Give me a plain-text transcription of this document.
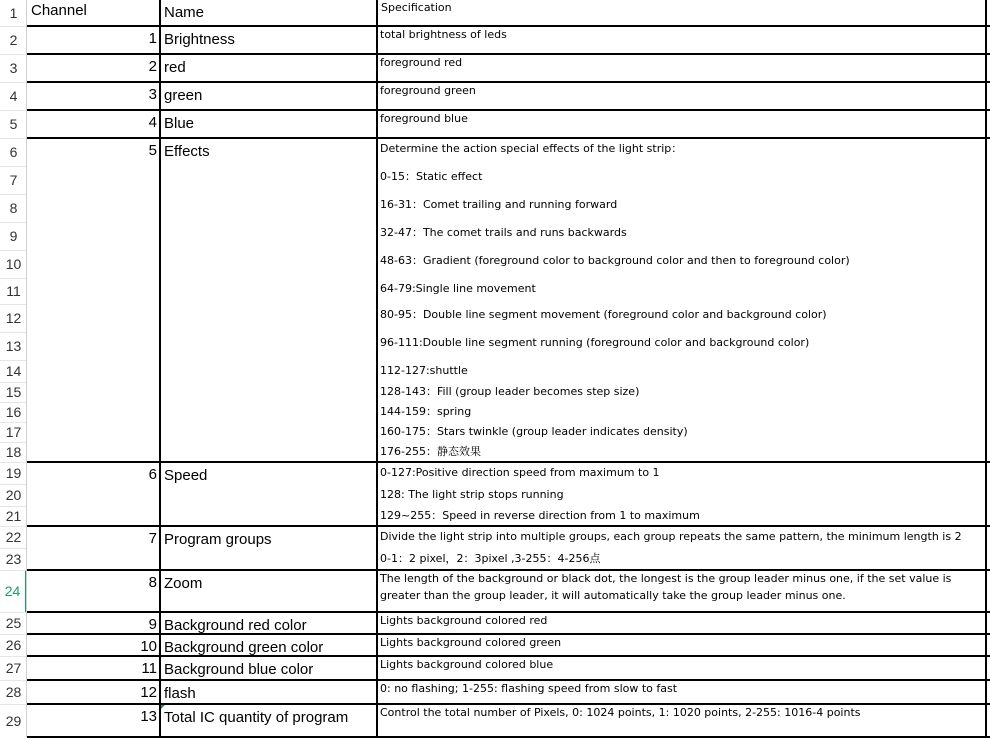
1
2
3
4
5
6
7
8
9
10
11
12
13
14
15
16
17
18
19
20
21
22
23
24
25
26
27
28
29
Channel	Name	Specification
1 Brightness	total brightness of leds
2 red	foreground red
3 green	foreground green
4 Blue	foreground blue
5 Effects	Determine the action special effects of the light strip：
0-15：Static effect
16-31：Comet trailing and running forward
32-47：The comet trails and runs backwards
48-63：Gradient (foreground color to background color and then to foreground color)
64-79:Single line movement
80-95：Double line segment movement (foreground color and background color)
96-111:Double line segment running (foreground color and background color)
112-127:shuttle
128-143：Fill (group leader becomes step size)
144-159：spring
160-175：Stars twinkle (group leader indicates density)
176-255：静态效果
6 Speed	0-127:Positive direction speed from maximum to 1
128: The light strip stops running
129~255：Speed in reverse direction from 1 to maximum
7 Program groups	Divide the light strip into multiple groups, each group repeats the same pattern, the minimum length is 2
0-1：2 pixel，2：3pixel ,3-255：4-256点
8 Zoom	The length of the background or black dot, the longest is the group leader minus one, if the set value is greater than the group leader, it will automatically take the group leader minus one.
9 Background red color	Lights background colored red
10 Background green color	Lights background colored green
11 Background blue color	Lights background colored blue
12 flash	0: no flashing; 1-255: flashing speed from slow to fast
13 Total IC quantity of program	Control the total number of Pixels, 0: 1024 points, 1: 1020 points, 2-255: 1016-4 points
